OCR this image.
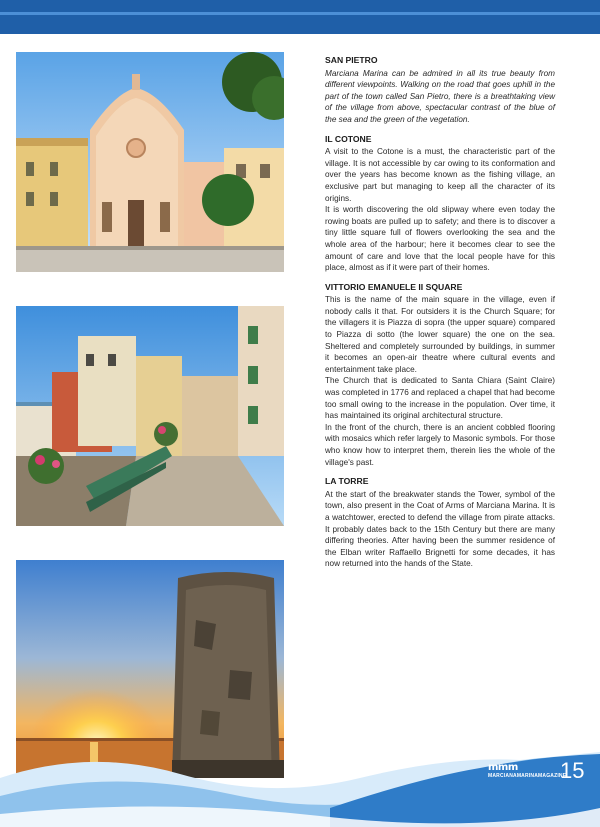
SAN PIETRO

Marciana Marina can be admired in all its true beauty from different viewpoints. Walking on the road that goes uphill in the part of the town called San Pietro, there is a breathtaking view of the village from above, spectacular contrast of the blue of the sea and the green of the vegetation.

IL COTONE

A visit to the Cotone is a must, the characteristic part of the village. It is not accessible by car owing to its conformation and over the years has become known as the fishing village, an exclusive part but managing to keep all the character of its origins.

It is worth discovering the old slipway where even today the rowing boats are pulled up to safety; and there is to discover a tiny little square full of flowers overlooking the sea and the whole area of the harbour; here it becomes clear to see the amount of care and love that the local people have for this place, almost as if it were part of their homes.

VITTORIO EMANUELE II SQUARE

This is the name of the main square in the village, even if nobody calls it that. For outsiders it is the Church Square; for the villagers it is Piazza di sopra (the upper square) compared to Piazza di sotto (the lower square) the one on the sea. Sheltered and completely surrounded by buildings, in summer it becomes an open-air theatre where cultural events and entertainment take place.

The Church that is dedicated to Santa Chiara (Saint Claire) was completed in 1776 and replaced a chapel that had become too small owing to the increase in the population. Over time, it has maintained its original architectural structure.

In the front of the church, there is an ancient cobbled flooring with mosaics which refer largely to Masonic symbols. For those who know how to interpret them, therein lies the whole of the village's past.

LA TORRE

At the start of the breakwater stands the Tower, symbol of the town, also present in the Coat of Arms of Marciana Marina. It is a watchtower, erected to defend the village from pirate attacks. It probably dates back to the 15th Century but there are many differing theories. After having been the summer residence of the Elban writer Raffaello Brignetti for some decades, it has now returned into the hands of the State.

mmm
MARCIANAMARINAMAGAZINE
15
